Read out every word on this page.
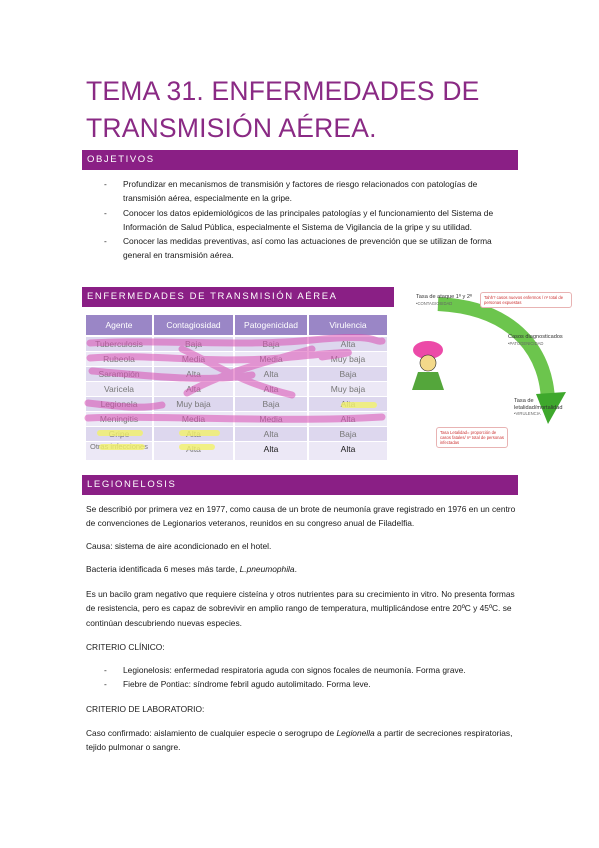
TEMA 31. ENFERMEDADES DE TRANSMISIÓN AÉREA.
OBJETIVOS
- Profundizar en mecanismos de transmisión y factores de riesgo relacionados con patologías de transmisión aérea, especialmente en la gripe.
- Conocer los datos epidemiológicos de las principales patologías y el funcionamiento del Sistema de Información de Salud Pública, especialmente el Sistema de Vigilancia de la gripe y su utilidad.
- Conocer las medidas preventivas, así como las actuaciones de prevención que se utilizan de forma general en transmisión aérea.
ENFERMEDADES DE TRANSMISIÓN AÉREA
Agente	Contagiosidad	Patogenicidad	Virulencia
Tuberculosis	Baja	Baja	Alta
Rubeola	Media	Media	Muy baja
Sarampión	Alta	Alta	Baja
Varicela	Alta	Alta	Muy baja
Legionela	Muy baja	Baja	Alta
Meningitis	Media	Media	Alta
Gripe	Alta	Alta	Baja
Otras infecciones	Alta	Alta	Alta
Tasa de ataque 1º y 2º
•CONTAGIOSIDAD
Tahh? casos nuevos enfermos / nº total de personas expuestas
Casos diagnosticados
•PATOGENICIDAD
Tasa de letalidad/mortalidad
•VIRULENCIA
Tasa Letalidad= proporción de casos fatales/ nº total de personas infectadas
LEGIONELOSIS
Se describió por primera vez en 1977, como causa de un brote de neumonía grave registrado en 1976 en un centro de convenciones de Legionarios veteranos, reunidos en su congreso anual de Filadelfia.
Causa: sistema de aire acondicionado en el hotel.
Bacteria identificada 6 meses más tarde, L.pneumophila.
Es un bacilo gram negativo que requiere cisteína y otros nutrientes para su crecimiento in vitro. No presenta formas de resistencia, pero es capaz de sobrevivir en amplio rango de temperatura, multiplicándose entre 20ºC y 45ºC. se continúan descubriendo nuevas especies.
CRITERIO CLÍNICO:
- Legionelosis: enfermedad respiratoria aguda con signos focales de neumonía. Forma grave.
- Fiebre de Pontiac: síndrome febril agudo autolimitado. Forma leve.
CRITERIO DE LABORATORIO:
Caso confirmado: aislamiento de cualquier especie o serogrupo de Legionella a partir de secreciones respiratorias, tejido pulmonar o sangre.
